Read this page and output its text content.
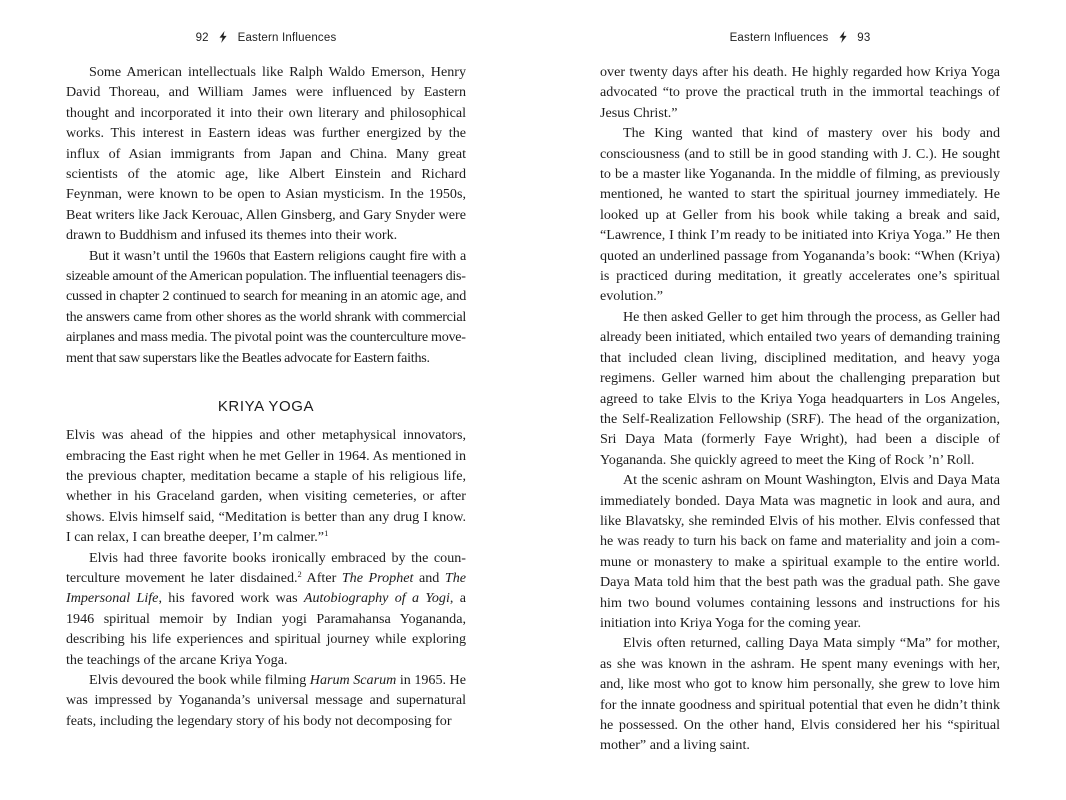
92	Eastern Influences

Some American intellectuals like Ralph Waldo Emerson, Henry David Thoreau, and William James were influenced by Eastern thought and incorporated it into their own literary and philosophical works. This interest in Eastern ideas was further energized by the influx of Asian immigrants from Japan and China. Many great scientists of the atomic age, like Albert Einstein and Richard Feynman, were known to be open to Asian mysticism. In the 1950s, Beat writers like Jack Kerouac, Allen Ginsberg, and Gary Snyder were drawn to Buddhism and infused its themes into their work.

But it wasn’t until the 1960s that Eastern religions caught fire with a sizeable amount of the American population. The influential teenagers discussed in chapter 2 continued to search for meaning in an atomic age, and the answers came from other shores as the world shrank with commercial airplanes and mass media. The pivotal point was the counterculture movement that saw superstars like the Beatles advocate for Eastern faiths.

KRIYA YOGA

Elvis was ahead of the hippies and other metaphysical innovators, embracing the East right when he met Geller in 1964. As mentioned in the previous chapter, meditation became a staple of his religious life, whether in his Graceland garden, when visiting cemeteries, or after shows. Elvis himself said, “Meditation is better than any drug I know. I can relax, I can breathe deeper, I’m calmer.”$^1$

Elvis had three favorite books ironically embraced by the counterculture movement he later disdained.$^2$ After The Prophet and The Impersonal Life, his favored work was Autobiography of a Yogi, a 1946 spiritual memoir by Indian yogi Paramahansa Yogananda, describing his life experiences and spiritual journey while exploring the teachings of the arcane Kriya Yoga.

Elvis devoured the book while filming Harum Scarum in 1965. He was impressed by Yogananda’s universal message and supernatural feats, including the legendary story of his body not decomposing for

Eastern Influences	93

over twenty days after his death. He highly regarded how Kriya Yoga advocated “to prove the practical truth in the immortal teachings of Jesus Christ.”

The King wanted that kind of mastery over his body and consciousness (and to still be in good standing with J. C.). He sought to be a master like Yogananda. In the middle of filming, as previously mentioned, he wanted to start the spiritual journey immediately. He looked up at Geller from his book while taking a break and said, “Lawrence, I think I’m ready to be initiated into Kriya Yoga.” He then quoted an underlined passage from Yogananda’s book: “When (Kriya) is practiced during meditation, it greatly accelerates one’s spiritual evolution.”

He then asked Geller to get him through the process, as Geller had already been initiated, which entailed two years of demanding training that included clean living, disciplined meditation, and heavy yoga regimens. Geller warned him about the challenging preparation but agreed to take Elvis to the Kriya Yoga headquarters in Los Angeles, the Self-Realization Fellowship (SRF). The head of the organization, Sri Daya Mata (formerly Faye Wright), had been a disciple of Yogananda. She quickly agreed to meet the King of Rock ’n’ Roll.

At the scenic ashram on Mount Washington, Elvis and Daya Mata immediately bonded. Daya Mata was magnetic in look and aura, and like Blavatsky, she reminded Elvis of his mother. Elvis confessed that he was ready to turn his back on fame and materiality and join a commune or monastery to make a spiritual example to the entire world. Daya Mata told him that the best path was the gradual path. She gave him two bound volumes containing lessons and instructions for his initiation into Kriya Yoga for the coming year.

Elvis often returned, calling Daya Mata simply “Ma” for mother, as she was known in the ashram. He spent many evenings with her, and, like most who got to know him personally, she grew to love him for the innate goodness and spiritual potential that even he didn’t think he possessed. On the other hand, Elvis considered her his “spiritual mother” and a living saint.
